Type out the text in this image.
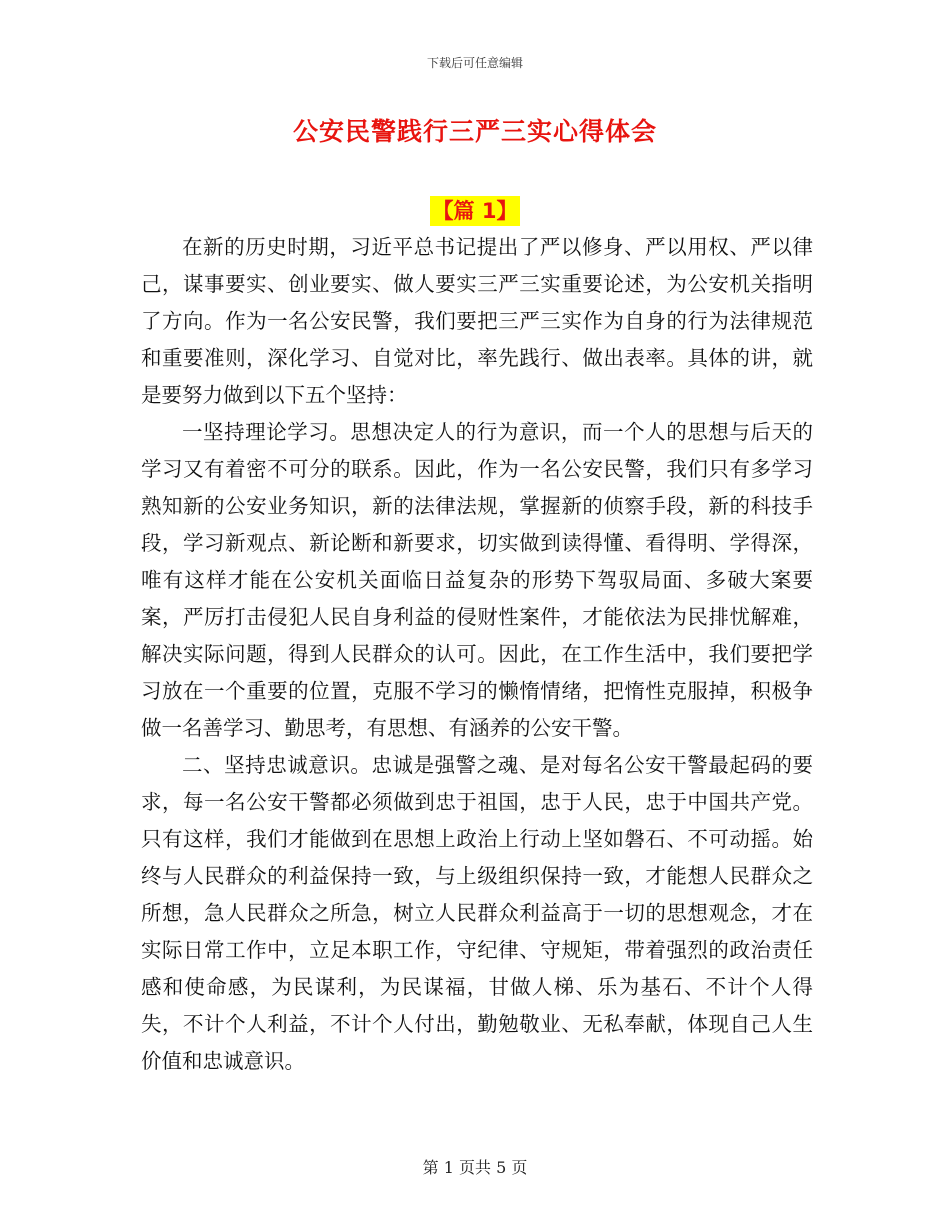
下载后可任意编辑
公安民警践行三严三实心得体会
【篇 1】

在新的历史时期，习近平总书记提出了严以修身、严以用权、严以律己，谋事要实、创业要实、做人要实三严三实重要论述，为公安机关指明了方向。作为一名公安民警，我们要把三严三实作为自身的行为法律规范和重要准则，深化学习、自觉对比，率先践行、做出表率。具体的讲，就是要努力做到以下五个坚持：

一坚持理论学习。思想决定人的行为意识，而一个人的思想与后天的学习又有着密不可分的联系。因此，作为一名公安民警，我们只有多学习熟知新的公安业务知识，新的法律法规，掌握新的侦察手段，新的科技手段，学习新观点、新论断和新要求，切实做到读得懂、看得明、学得深，唯有这样才能在公安机关面临日益复杂的形势下驾驭局面、多破大案要案，严厉打击侵犯人民自身利益的侵财性案件，才能依法为民排忧解难，解决实际问题，得到人民群众的认可。因此，在工作生活中，我们要把学习放在一个重要的位置，克服不学习的懒惰情绪，把惰性克服掉，积极争做一名善学习、勤思考，有思想、有涵养的公安干警。

二、坚持忠诚意识。忠诚是强警之魂、是对每名公安干警最起码的要求，每一名公安干警都必须做到忠于祖国，忠于人民，忠于中国共产党。只有这样，我们才能做到在思想上政治上行动上坚如磐石、不可动摇。始终与人民群众的利益保持一致，与上级组织保持一致，才能想人民群众之所想，急人民群众之所急，树立人民群众利益高于一切的思想观念，才在实际日常工作中，立足本职工作，守纪律、守规矩，带着强烈的政治责任感和使命感，为民谋利，为民谋福，甘做人梯、乐为基石、不计个人得失，不计个人利益，不计个人付出，勤勉敬业、无私奉献，体现自己人生价值和忠诚意识。

第 1 页共 5 页
